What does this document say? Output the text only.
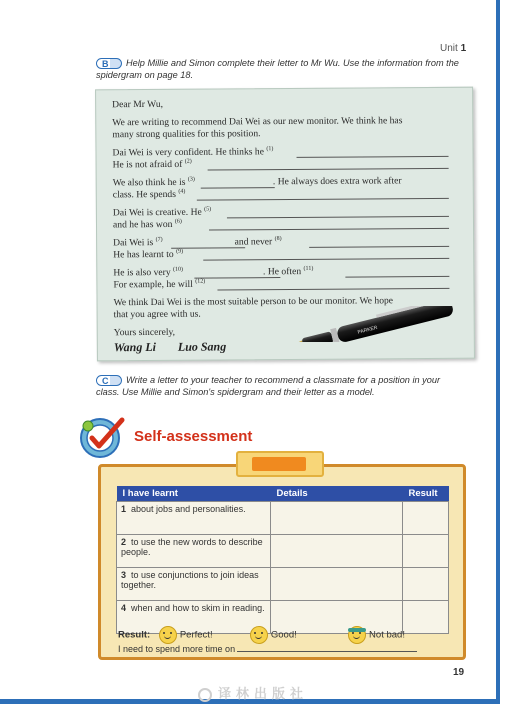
Unit 1
B Help Millie and Simon complete their letter to Mr Wu. Use the information from the spidergram on page 18.
Dear Mr Wu,
We are writing to recommend Dai Wei as our new monitor. We think he has
many strong qualities for this position.
Dai Wei is very confident. He thinks he $^{(1)}$
He is not afraid of $^{(2)}$
We also think he is $^{(3)}$	. He always does extra work after
class. He spends $^{(4)}$
Dai Wei is creative. He $^{(5)}$
and he has won $^{(6)}$
Dai Wei is $^{(7)}$	and never $^{(8)}$
He has learnt to $^{(9)}$
He is also very $^{(10)}$	. He often $^{(11)}$
For example, he will $^{(12)}$
We think Dai Wei is the most suitable person to be our monitor. We hope
that you agree with us.
Yours sincerely,
Wang Li Luo Sang
PARKER
C Write a letter to your teacher to recommend a classmate for a position in your class. Use Millie and Simon's spidergram and their letter as a model.
Self-assessment
I have learnt	Details	Result
1 about jobs and personalities.		
2 to use the new words to describe people.		
3 to use conjunctions to join ideas together.		
4 when and how to skim in reading.		
Result:	Perfect!	Good!	Not bad!
I need to spend more time on
19
译林出版社
